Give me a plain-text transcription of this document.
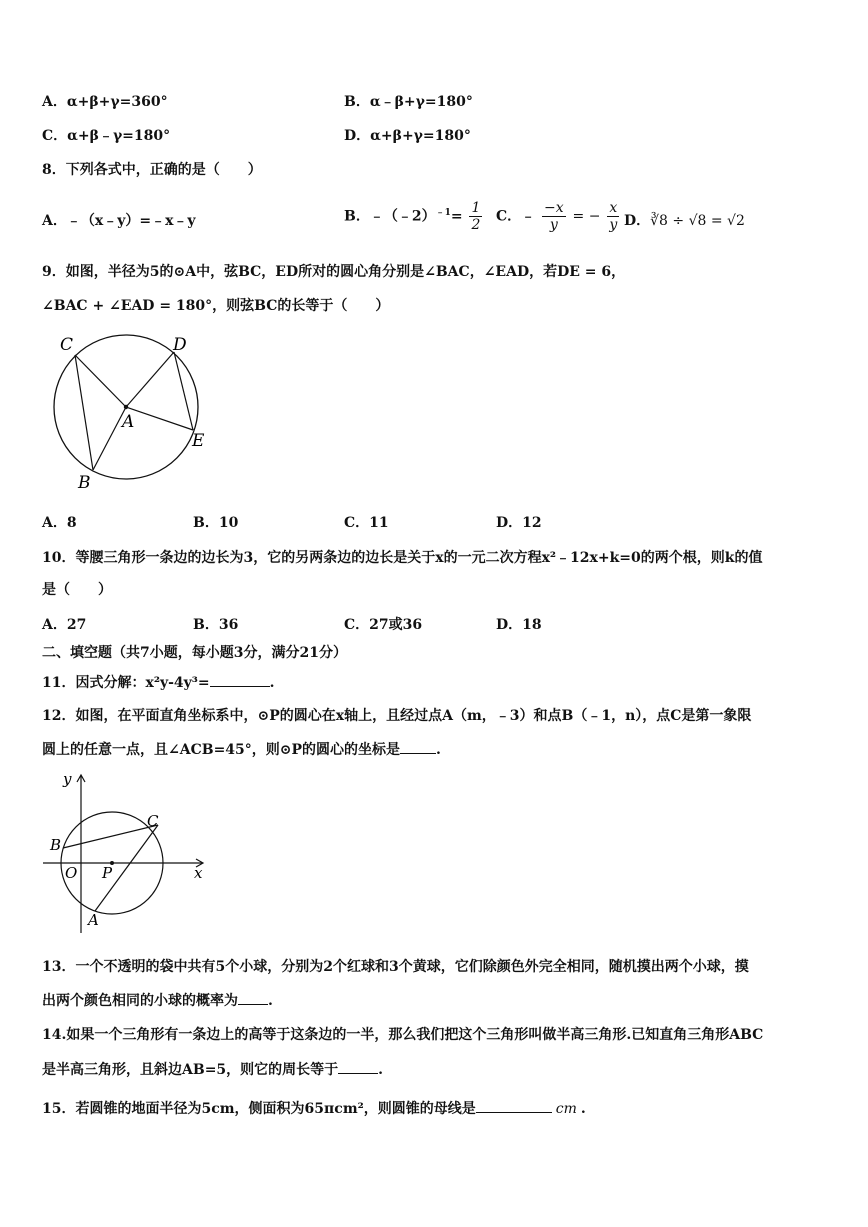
A．α+β+γ=360°	B．α﹣β+γ=180°
C．α+β﹣γ=180°	D．α+β+γ=180°
8．下列各式中，正确的是（　　）
A．﹣（x﹣y）=﹣x﹣y	B．﹣（﹣2）$^{﹣1}$= $\frac{1}{2}$ C．﹣ $\frac{-x}{y}$ = − $\frac{x}{y}$ D．∛8 ÷ √8 = √2
9．如图，半径为5的⊙A中，弦BC，ED所对的圆心角分别是∠BAC，∠EAD，若DE = 6，
∠BAC + ∠EAD = 180°，则弦BC的长等于（　　）
C	D
A
E
B
A．8	B．10	C．11	D．12
10．等腰三角形一条边的边长为3，它的另两条边的边长是关于x的一元二次方程x²﹣12x+k=0的两个根，则k的值
是（　　）
A．27	B．36	C．27或36	D．18
二、填空题（共7小题，每小题3分，满分21分）
11．因式分解：x²y-4y³=	.
12．如图，在平面直角坐标系中，⊙P的圆心在x轴上，且经过点A（m，﹣3）和点B（﹣1，n），点C是第一象限
圆上的任意一点，且∠ACB=45°，则⊙P的圆心的坐标是	.
y
x
O P
B
C
A
13．一个不透明的袋中共有5个小球，分别为2个红球和3个黄球，它们除颜色外完全相同，随机摸出两个小球，摸
出两个颜色相同的小球的概率为 .
14.如果一个三角形有一条边上的高等于这条边的一半，那么我们把这个三角形叫做半高三角形.已知直角三角形ABC
是半高三角形，且斜边AB=5，则它的周长等于	.
15．若圆锥的地面半径为5cm，侧面积为65πcm²，则圆锥的母线是	cm .
